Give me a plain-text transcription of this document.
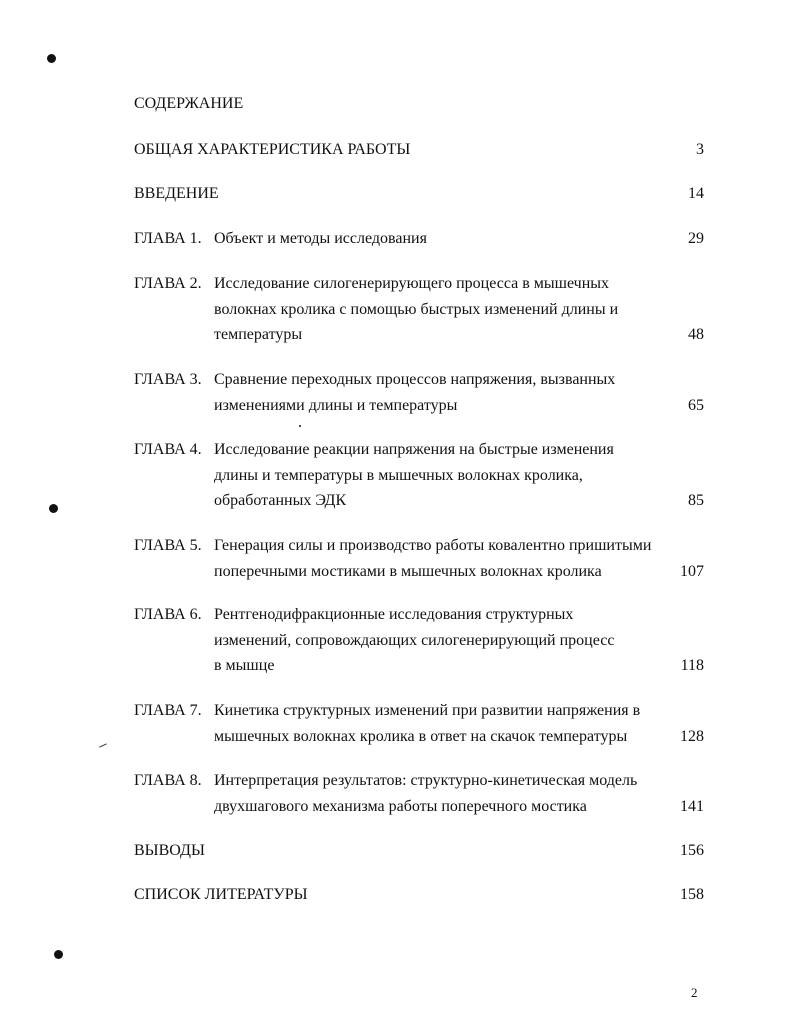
СОДЕРЖАНИЕ
ОБЩАЯ ХАРАКТЕРИСТИКА РАБОТЫ	3
ВВЕДЕНИЕ	14
ГЛАВА 1. Объект и методы исследования	29
ГЛАВА 2. Исследование силогенерирующего процесса в мышечных
волокнах кролика с помощью быстрых изменений длины и
температуры	48
ГЛАВА 3. Сравнение переходных процессов напряжения, вызванных
изменениями длины и температуры	65
ГЛАВА 4. Исследование реакции напряжения на быстрые изменения
длины и температуры в мышечных волокнах кролика,
обработанных ЭДК	85
ГЛАВА 5. Генерация силы и производство работы ковалентно пришитыми
поперечными мостиками в мышечных волокнах кролика	107
ГЛАВА 6. Рентгенодифракционные исследования структурных
изменений, сопровождающих силогенерирующий процесс
в мышце	118
ГЛАВА 7. Кинетика структурных изменений при развитии напряжения в
мышечных волокнах кролика в ответ на скачок температуры	128
ГЛАВА 8. Интерпретация результатов: структурно-кинетическая модель
двухшагового механизма работы поперечного мостика	141
ВЫВОДЫ	156
СПИСОК ЛИТЕРАТУРЫ	158
2
